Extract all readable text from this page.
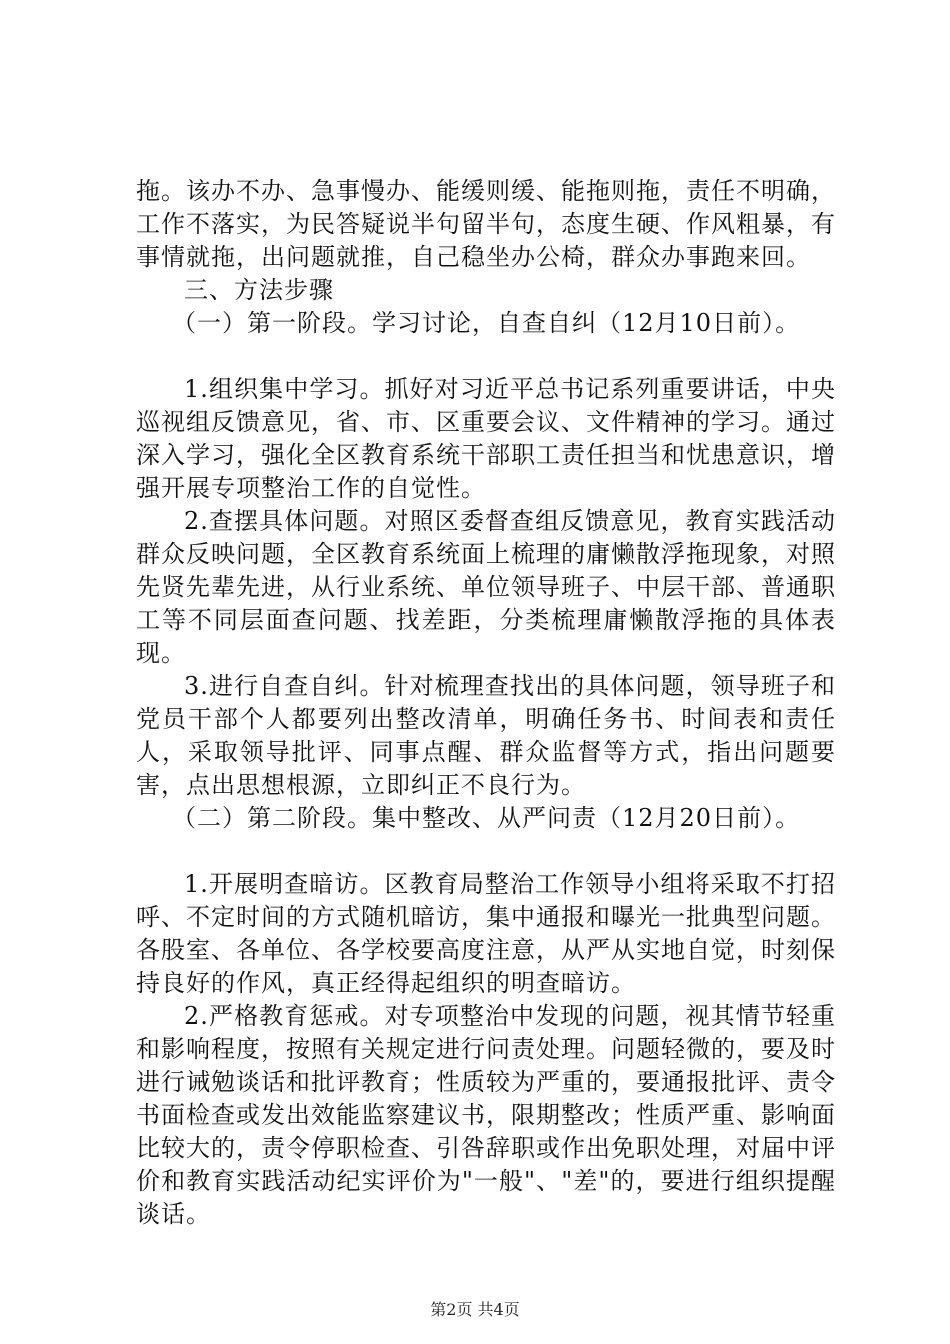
拖。该办不办、急事慢办、能缓则缓、能拖则拖，责任不明确，工作不落实，为民答疑说半句留半句，态度生硬、作风粗暴，有事情就拖，出问题就推，自己稳坐办公椅，群众办事跑来回。

三、方法步骤

（一）第一阶段。学习讨论，自查自纠（12月10日前）。

1.组织集中学习。抓好对习近平总书记系列重要讲话，中央巡视组反馈意见，省、市、区重要会议、文件精神的学习。通过深入学习，强化全区教育系统干部职工责任担当和忧患意识，增强开展专项整治工作的自觉性。

2.查摆具体问题。对照区委督查组反馈意见，教育实践活动群众反映问题，全区教育系统面上梳理的庸懒散浮拖现象，对照先贤先辈先进，从行业系统、单位领导班子、中层干部、普通职工等不同层面查问题、找差距，分类梳理庸懒散浮拖的具体表现。

3.进行自查自纠。针对梳理查找出的具体问题，领导班子和党员干部个人都要列出整改清单，明确任务书、时间表和责任人，采取领导批评、同事点醒、群众监督等方式，指出问题要害，点出思想根源，立即纠正不良行为。

（二）第二阶段。集中整改、从严问责（12月20日前）。

1.开展明查暗访。区教育局整治工作领导小组将采取不打招呼、不定时间的方式随机暗访，集中通报和曝光一批典型问题。各股室、各单位、各学校要高度注意，从严从实地自觉，时刻保持良好的作风，真正经得起组织的明查暗访。

2.严格教育惩戒。对专项整治中发现的问题，视其情节轻重和影响程度，按照有关规定进行问责处理。问题轻微的，要及时进行诫勉谈话和批评教育；性质较为严重的，要通报批评、责令书面检查或发出效能监察建议书，限期整改；性质严重、影响面比较大的，责令停职检查、引咎辞职或作出免职处理，对届中评价和教育实践活动纪实评价为"一般"、"差"的，要进行组织提醒谈话。

第2页 共4页
